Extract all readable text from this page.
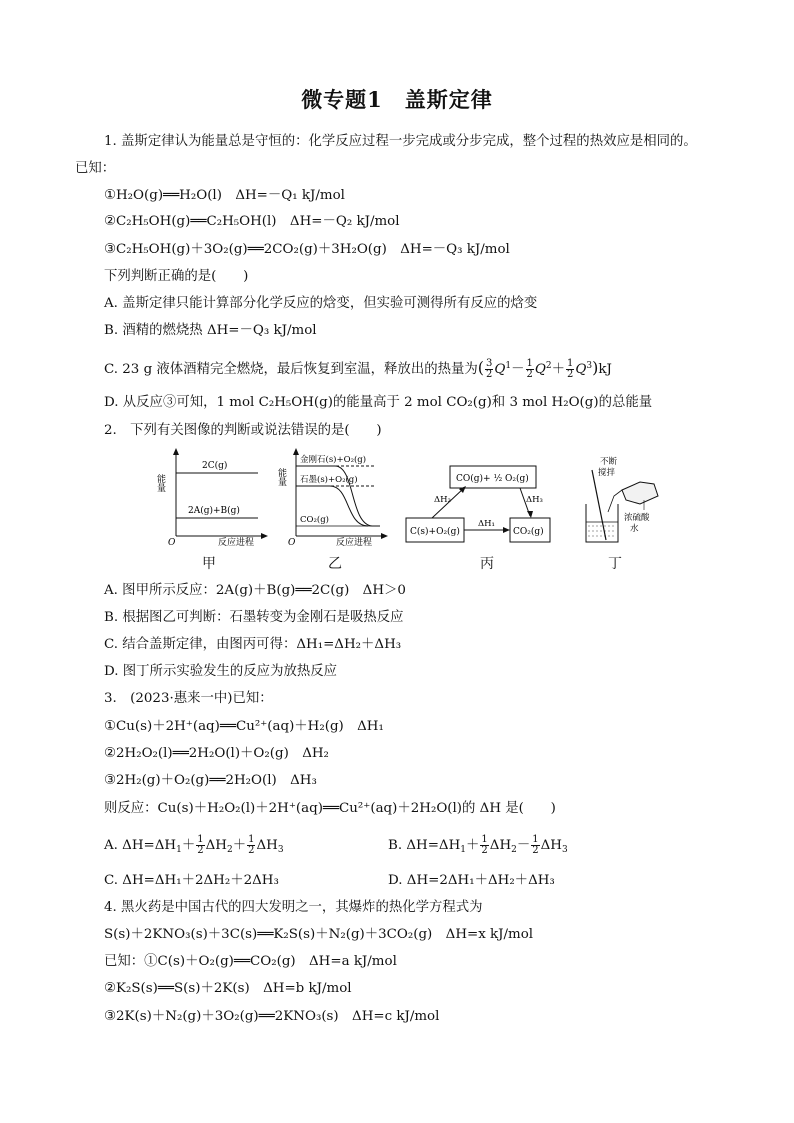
微专题1　盖斯定律
1. 盖斯定律认为能量总是守恒的：化学反应过程一步完成或分步完成，整个过程的热效应是相同的。
已知：
①H₂O(g)══H₂O(l)　ΔH=－Q₁ kJ/mol
②C₂H₅OH(g)══C₂H₅OH(l)　ΔH=－Q₂ kJ/mol
③C₂H₅OH(g)＋3O₂(g)══2CO₂(g)＋3H₂O(g)　ΔH=－Q₃ kJ/mol
下列判断正确的是(　　)
A. 盖斯定律只能计算部分化学反应的焓变，但实验可测得所有反应的焓变
B. 酒精的燃烧热 ΔH=－Q₃ kJ/mol
C. 23 g 液体酒精完全燃烧，最后恢复到室温，释放出的热量为( $\frac{3}{2} Q^1- \frac{1}{2} Q^2+ \frac{1}{2} Q^3)kJ$
D. 从反应③可知，1 mol C₂H₅OH(g)的能量高于 2 mol CO₂(g)和 3 mol H₂O(g)的总能量
2.　下列有关图像的判断或说法错误的是(　　)
能量
2C(g)
2A(g)+B(g)
O	反应进程
甲
能量
金刚石(s)+O₂(g)
石墨(s)+O₂(g)
CO₂(g)
O	反应进程
乙
CO(g)+ ½ O₂(g)
C(s)+O₂(g)	CO₂(g)
ΔH₂	ΔH₃
ΔH₁
丙
不断
搅拌
浓硫酸
水
丁
A. 图甲所示反应：2A(g)＋B(g)══2C(g)　ΔH＞0
B. 根据图乙可判断：石墨转变为金刚石是吸热反应
C. 结合盖斯定律，由图丙可得：ΔH₁=ΔH₂＋ΔH₃
D. 图丁所示实验发生的反应为放热反应
3.　(2023·惠来一中)已知：
①Cu(s)＋2H⁺(aq)══Cu²⁺(aq)＋H₂(g)　ΔH₁
②2H₂O₂(l)══2H₂O(l)＋O₂(g)　ΔH₂
③2H₂(g)＋O₂(g)══2H₂O(l)　ΔH₃
则反应：Cu(s)＋H₂O₂(l)＋2H⁺(aq)══Cu²⁺(aq)＋2H₂O(l)的 ΔH 是(　　)
A. $\Delta H=\Delta H_1+ \frac{1}{2} \Delta H_2+ \frac{1}{2} \Delta H_3$	B. $\Delta H=\Delta H_1+ \frac{1}{2} \Delta H_2- \frac{1}{2} \Delta H_3$
C. ΔH=ΔH₁＋2ΔH₂＋2ΔH₃	D. ΔH=2ΔH₁＋ΔH₂＋ΔH₃
4. 黑火药是中国古代的四大发明之一，其爆炸的热化学方程式为
S(s)＋2KNO₃(s)＋3C(s)══K₂S(s)＋N₂(g)＋3CO₂(g)　ΔH=x kJ/mol
已知：①C(s)＋O₂(g)══CO₂(g)　ΔH=a kJ/mol
②K₂S(s)══S(s)＋2K(s)　ΔH=b kJ/mol
③2K(s)＋N₂(g)＋3O₂(g)══2KNO₃(s)　ΔH=c kJ/mol
